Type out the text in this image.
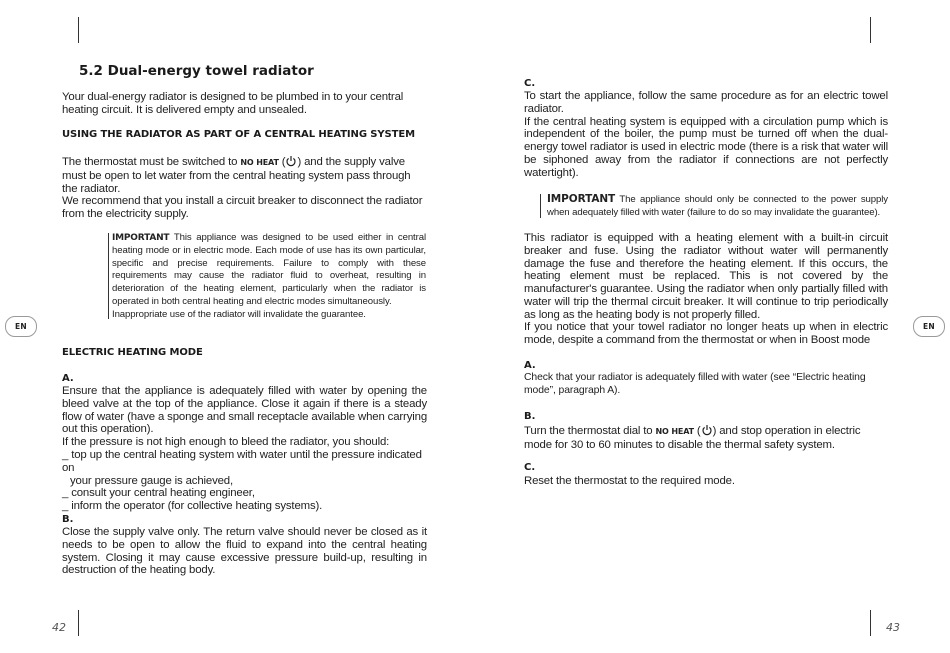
42	43
EN	EN
5.2 Dual-energy towel radiator
Your dual-energy radiator is designed to be plumbed in to your central heating circuit. It is delivered empty and unsealed.
USING THE RADIATOR AS PART OF A CENTRAL HEATING SYSTEM

The thermostat must be switched to NO HEAT ( ) and the supply valve must be open to let water from the central heating system pass through the radiator.

We recommend that you install a circuit breaker to disconnect the radiator from the electricity supply.

IMPORTANT This appliance was designed to be used either in central heating mode or in electric mode. Each mode of use has its own particular, specific and precise requirements. Failure to comply with these requirements may cause the radiator fluid to overheat, resulting in deterioration of the heating element, particularly when the radiator is operated in both central heating and electric modes simultaneously.

Inappropriate use of the radiator will invalidate the guarantee.

ELECTRIC HEATING MODE
A.

Ensure that the appliance is adequately filled with water by opening the bleed valve at the top of the appliance. Close it again if there is a steady flow of water (have a sponge and small receptacle available when carrying out this operation).

If the pressure is not high enough to bleed the radiator, you should:

_ top up the central heating system with water until the pressure indicated on

your pressure gauge is achieved,

_ consult your central heating engineer,

_ inform the operator (for collective heating systems).

B.
Close the supply valve only. The return valve should never be closed as it needs to be open to allow the fluid to expand into the central heating system. Closing it may cause excessive pressure build-up, resulting in destruction of the heating body.
C.

To start the appliance, follow the same procedure as for an electric towel radiator.

If the central heating system is equipped with a circulation pump which is independent of the boiler, the pump must be turned off when the dual-energy towel radiator is used in electric mode (there is a risk that water will be siphoned away from the radiator if connections are not perfectly watertight).

IMPORTANT The appliance should only be connected to the power supply when adequately filled with water (failure to do so may invalidate the guarantee).

This radiator is equipped with a heating element with a built-in circuit breaker and fuse. Using the radiator without water will permanently damage the fuse and therefore the heating element. If this occurs, the heating element must be replaced. This is not covered by the manufacturer's guarantee. Using the radiator when only partially filled with water will trip the thermal circuit breaker. It will continue to trip periodically as long as the heating body is not properly filled.
If you notice that your towel radiator no longer heats up when in electric mode, despite a command from the thermostat or when in Boost mode
A.
Check that your radiator is adequately filled with water (see “Electric heating mode”, paragraph A).
B.

Turn the thermostat dial to NO HEAT ( ) and stop operation in electric mode for 30 to 60 minutes to disable the thermal safety system.

C.
Reset the thermostat to the required mode.
